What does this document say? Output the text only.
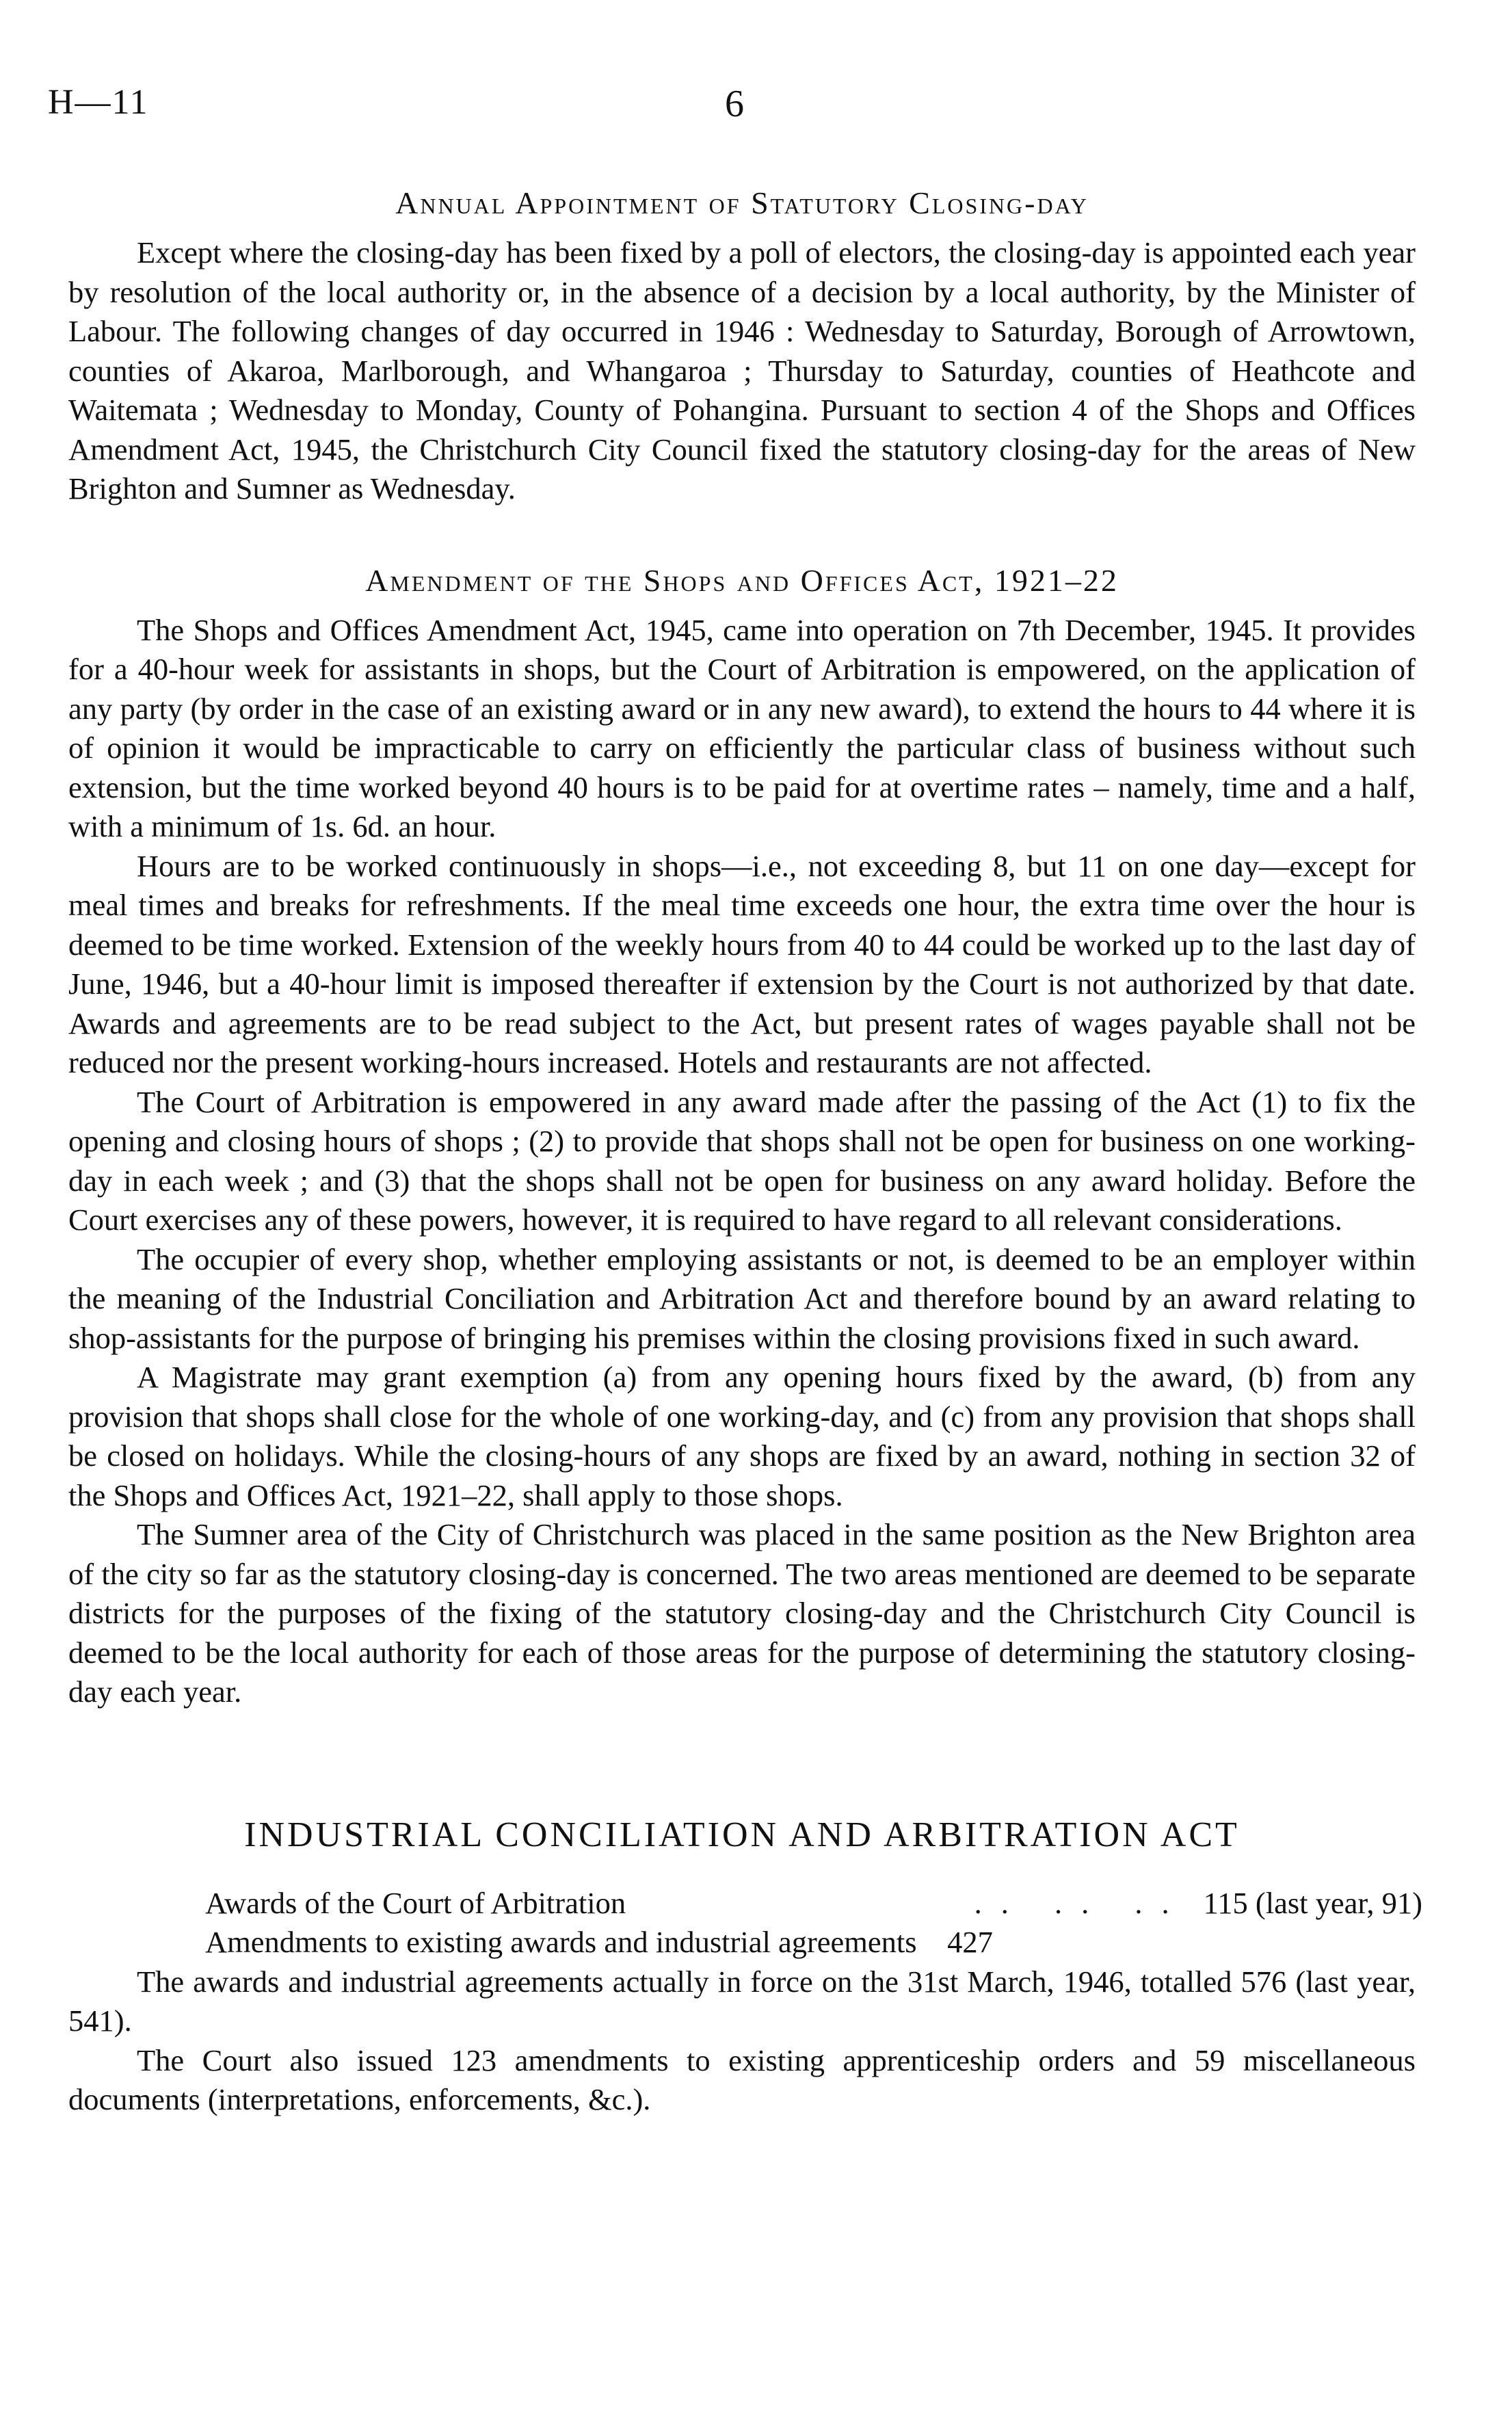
H—11	6
Annual Appointment of Statutory Closing-day

Except where the closing-day has been fixed by a poll of electors, the closing-day is appointed each year by resolution of the local authority or, in the absence of a decision by a local authority, by the Minister of Labour. The following changes of day occurred in 1946 : Wednesday to Saturday, Borough of Arrowtown, counties of Akaroa, Marlborough, and Whangaroa ; Thursday to Saturday, counties of Heathcote and Waitemata ; Wednesday to Monday, County of Pohangina. Pursuant to section 4 of the Shops and Offices Amendment Act, 1945, the Christchurch City Council fixed the statutory closing-day for the areas of New Brighton and Sumner as Wednesday.

Amendment of the Shops and Offices Act, 1921–22

The Shops and Offices Amendment Act, 1945, came into operation on 7th December, 1945. It provides for a 40-hour week for assistants in shops, but the Court of Arbitration is empowered, on the application of any party (by order in the case of an existing award or in any new award), to extend the hours to 44 where it is of opinion it would be impracticable to carry on efficiently the particular class of business without such extension, but the time worked beyond 40 hours is to be paid for at overtime rates – namely, time and a half, with a minimum of 1s. 6d. an hour.

Hours are to be worked continuously in shops—i.e., not exceeding 8, but 11 on one day—except for meal times and breaks for refreshments. If the meal time exceeds one hour, the extra time over the hour is deemed to be time worked. Extension of the weekly hours from 40 to 44 could be worked up to the last day of June, 1946, but a 40-hour limit is imposed thereafter if extension by the Court is not authorized by that date. Awards and agreements are to be read subject to the Act, but present rates of wages payable shall not be reduced nor the present working-hours increased. Hotels and restaurants are not affected.

The Court of Arbitration is empowered in any award made after the passing of the Act (1) to fix the opening and closing hours of shops ; (2) to provide that shops shall not be open for business on one working-day in each week ; and (3) that the shops shall not be open for business on any award holiday. Before the Court exercises any of these powers, however, it is required to have regard to all relevant considerations.

The occupier of every shop, whether employing assistants or not, is deemed to be an employer within the meaning of the Industrial Conciliation and Arbitration Act and therefore bound by an award relating to shop-assistants for the purpose of bringing his premises within the closing provisions fixed in such award.

A Magistrate may grant exemption (a) from any opening hours fixed by the award, (b) from any provision that shops shall close for the whole of one working-day, and (c) from any provision that shops shall be closed on holidays. While the closing-hours of any shops are fixed by an award, nothing in section 32 of the Shops and Offices Act, 1921–22, shall apply to those shops.

The Sumner area of the City of Christchurch was placed in the same position as the New Brighton area of the city so far as the statutory closing-day is concerned. The two areas mentioned are deemed to be separate districts for the purposes of the fixing of the statutory closing-day and the Christchurch City Council is deemed to be the local authority for each of those areas for the purpose of determining the statutory closing-day each year.

INDUSTRIAL CONCILIATION AND ARBITRATION ACT
Awards of the Court of Arbitration	.. .. .. 115 (last year, 91)
Amendments to existing awards and industrial agreements 427

The awards and industrial agreements actually in force on the 31st March, 1946, totalled 576 (last year, 541).

The Court also issued 123 amendments to existing apprenticeship orders and 59 miscellaneous documents (interpretations, enforcements, &c.).
